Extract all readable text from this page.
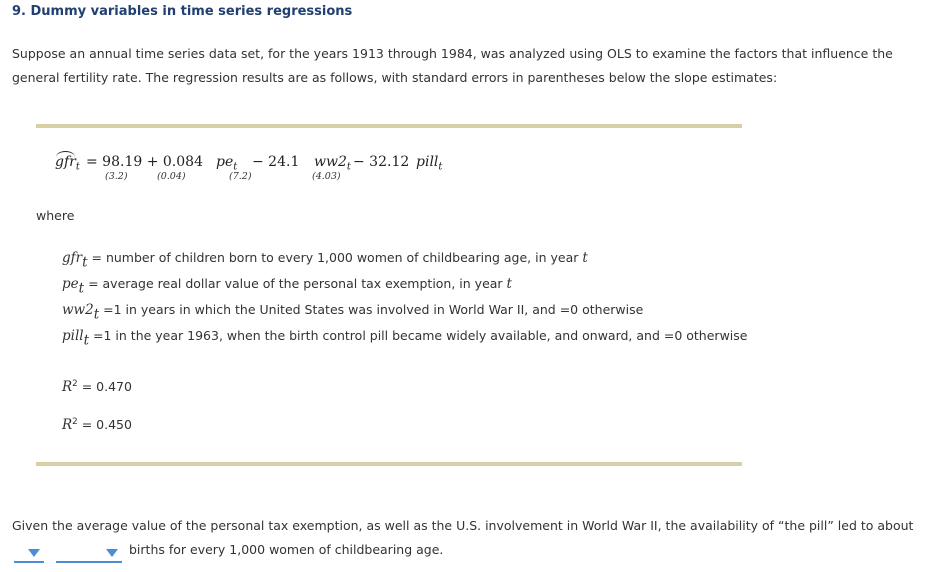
9. Dummy variables in time series regressions
Suppose an annual time series data set, for the years 1913 through 1984, was analyzed using OLS to examine the factors that influence the general fertility rate. The regression results are as follows, with standard errors in parentheses below the slope estimates:
gfr$_t$ = 98.19 + 0.084 $pe_t - 24.1$ $ww2_t - 32.12$ pill$_t$
(3.2)	(0.04)	(7.2)	(4.03)
where
gfr$_t$ = number of children born to every 1,000 women of childbearing age, in year t
$pe_t$ = average real dollar value of the personal tax exemption, in year t
$ww2_t =1$ in years in which the United States was involved in World War II, and =0 otherwise
pill$_t$ =1 in the year 1963, when the birth control pill became widely available, and onward, and =0 otherwise
$R^2 = 0.470$
$R^2 = 0.450$
Given the average value of the personal tax exemption, as well as the U.S. involvement in World War II, the availability of “the pill” led to about
births for every 1,000 women of childbearing age.
